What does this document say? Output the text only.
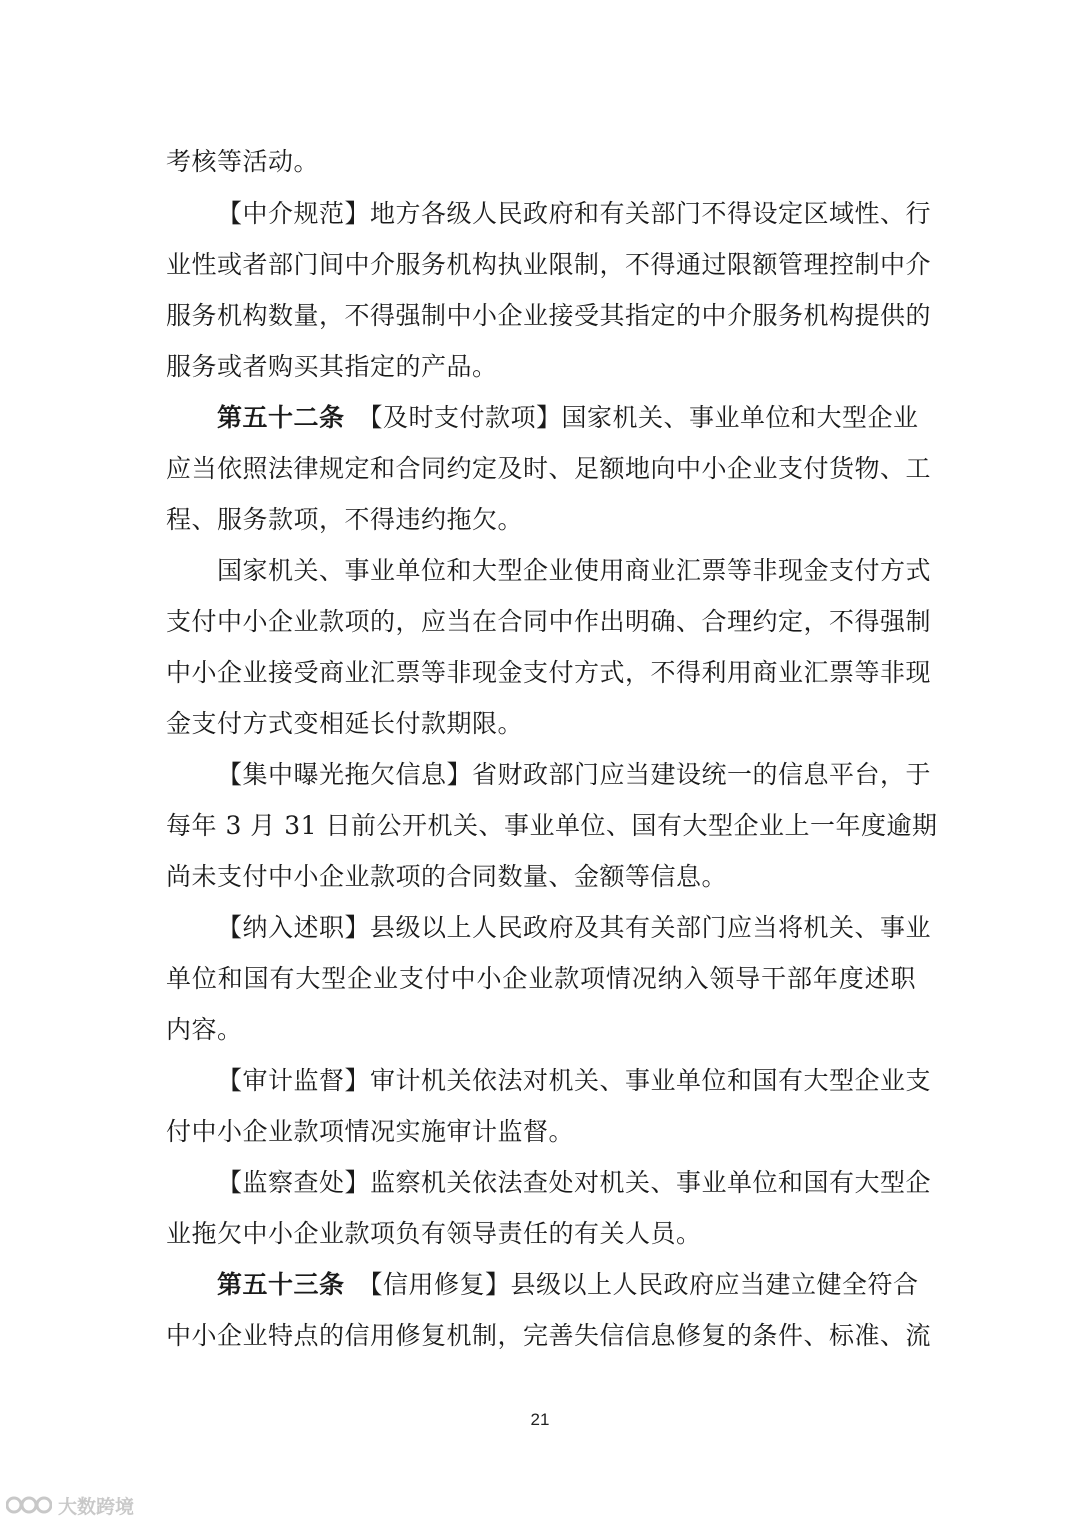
考核等活动。
【中介规范】地方各级人民政府和有关部门不得设定区域性、行
业性或者部门间中介服务机构执业限制，不得通过限额管理控制中介
服务机构数量，不得强制中小企业接受其指定的中介服务机构提供的
服务或者购买其指定的产品。
第五十二条　【及时支付款项】国家机关、事业单位和大型企业
应当依照法律规定和合同约定及时、足额地向中小企业支付货物、工
程、服务款项，不得违约拖欠。
国家机关、事业单位和大型企业使用商业汇票等非现金支付方式
支付中小企业款项的，应当在合同中作出明确、合理约定，不得强制
中小企业接受商业汇票等非现金支付方式，不得利用商业汇票等非现
金支付方式变相延长付款期限。
【集中曝光拖欠信息】省财政部门应当建设统一的信息平台，于
每年 3 月 31 日前公开机关、事业单位、国有大型企业上一年度逾期
尚未支付中小企业款项的合同数量、金额等信息。
【纳入述职】县级以上人民政府及其有关部门应当将机关、事业
单位和国有大型企业支付中小企业款项情况纳入领导干部年度述职
内容。
【审计监督】审计机关依法对机关、事业单位和国有大型企业支
付中小企业款项情况实施审计监督。
【监察查处】监察机关依法查处对机关、事业单位和国有大型企
业拖欠中小企业款项负有领导责任的有关人员。
第五十三条　【信用修复】县级以上人民政府应当建立健全符合
中小企业特点的信用修复机制，完善失信信息修复的条件、标准、流
21
大数跨境
